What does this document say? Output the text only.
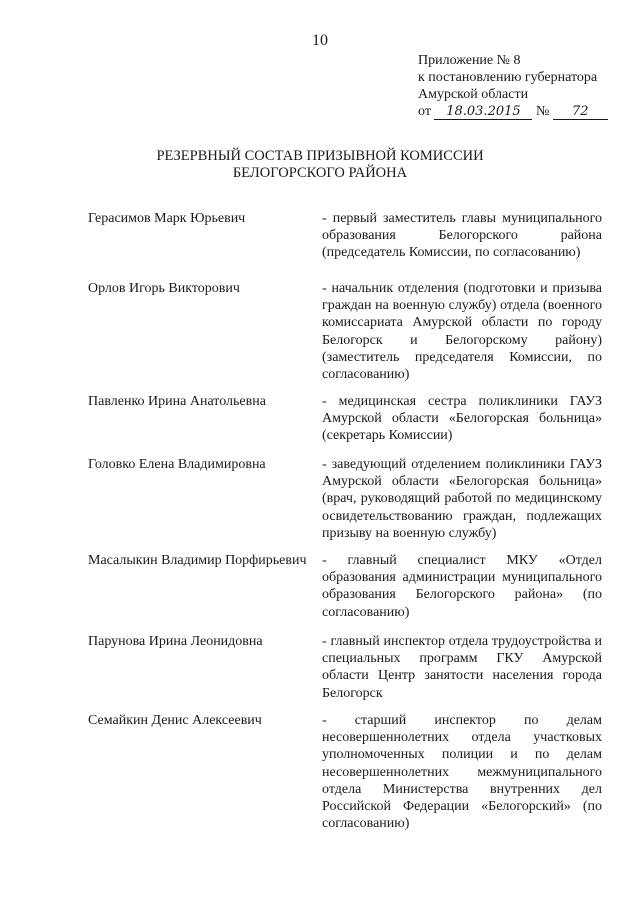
10
Приложение № 8
к постановлению губернатора
Амурской области
от 18.03.2015 № 72
РЕЗЕРВНЫЙ СОСТАВ ПРИЗЫВНОЙ КОМИССИИ
БЕЛОГОРСКОГО РАЙОНА
Герасимов Марк Юрьевич	- первый заместитель главы муниципального образования Белогорского района (председатель Комиссии, по согласованию)
Орлов Игорь Викторович	- начальник отделения (подготовки и призыва граждан на военную службу) отдела (военного комиссариата Амурской области по городу Белогорск и Белогорскому району) (заместитель председателя Комиссии, по согласованию)
Павленко Ирина Анатольевна	- медицинская сестра поликлиники ГАУЗ Амурской области «Белогорская больница» (секретарь Комиссии)
Головко Елена Владимировна	- заведующий отделением поликлиники ГАУЗ Амурской области «Белогорская больница» (врач, руководящий работой по медицинскому освидетельствованию граждан, подлежащих призыву на военную службу)
Масалыкин Владимир Порфирьевич - главный специалист МКУ «Отдел образования администрации муниципального образования Белогорского района» (по согласованию)
Парунова Ирина Леонидовна	- главный инспектор отдела трудоустройства и специальных программ ГКУ Амурской области Центр занятости населения города Белогорск
Семайкин Денис Алексеевич	- старший инспектор по делам несовершеннолетних отдела участковых уполномоченных полиции и по делам несовершеннолетних межмуниципального отдела Министерства внутренних дел Российской Федерации «Белогорский» (по согласованию)
